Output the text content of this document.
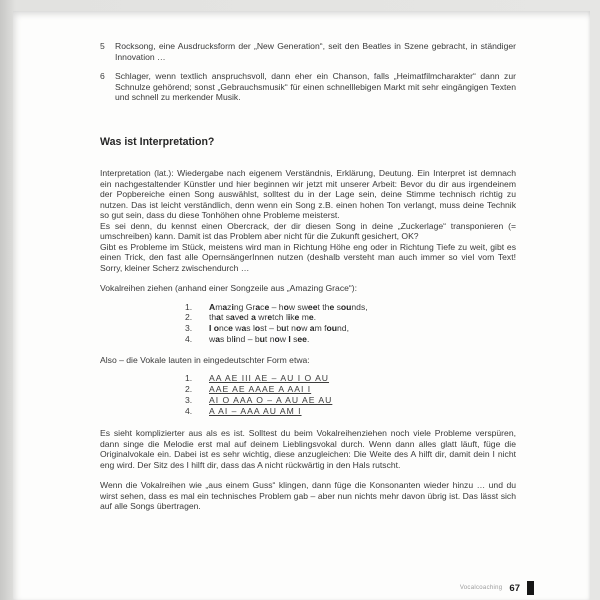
5	Rocksong, eine Ausdrucksform der „New Generation“, seit den Beatles in Szene gebracht, in ständiger Innovation …
6	Schlager, wenn textlich anspruchsvoll, dann eher ein Chanson, falls „Heimatfilmcharakter“ dann zur Schnulze gehörend; sonst „Gebrauchsmusik“ für einen schnelllebigen Markt mit sehr eingängigen Texten und schnell zu merkender Musik.
Was ist Interpretation?

Interpretation (lat.): Wiedergabe nach eigenem Verständnis, Erklärung, Deutung. Ein Interpret ist demnach ein nachgestaltender Künstler und hier beginnen wir jetzt mit unserer Arbeit: Bevor du dir aus irgendeinem der Popbereiche einen Song auswählst, solltest du in der Lage sein, deine Stimme technisch richtig zu nutzen. Das ist leicht verständlich, denn wenn ein Song z.B. einen hohen Ton verlangt, muss deine Technik so gut sein, dass du diese Tonhöhen ohne Probleme meisterst.

Es sei denn, du kennst einen Obercrack, der dir diesen Song in deine „Zuckerlage“ transponieren (= umschreiben) kann. Damit ist das Problem aber nicht für die Zukunft gesichert, OK?

Gibt es Probleme im Stück, meistens wird man in Richtung Höhe eng oder in Richtung Tiefe zu weit, gibt es einen Trick, den fast alle OpernsängerInnen nutzen (deshalb versteht man auch immer so viel vom Text! Sorry, kleiner Scherz zwischendurch …

Vokalreihen ziehen (anhand einer Songzeile aus „Amazing Grace“):

1.	Amazing Grace – how sweet the sounds,
2.	that saved a wretch like me.
3.	I once was lost – but now am found,
4.	was blind – but now I see.

Also – die Vokale lauten in eingedeutschter Form etwa:

1.	AA AE III AE – AU I O AU
2.	AAE AE AAAE A AAI I
3.	AI O AAA O – A AU AE AU
4.	A AI – AAA AU AM I

Es sieht komplizierter aus als es ist. Solltest du beim Vokalreihenziehen noch viele Probleme verspüren, dann singe die Melodie erst mal auf deinem Lieblingsvokal durch. Wenn dann alles glatt läuft, füge die Originalvokale ein. Dabei ist es sehr wichtig, diese anzugleichen: Die Weite des A hilft dir, damit dein I nicht eng wird. Der Sitz des I hilft dir, dass das A nicht rückwärtig in den Hals rutscht.

Wenn die Vokalreihen wie „aus einem Guss“ klingen, dann füge die Konsonanten wieder hinzu … und du wirst sehen, dass es mal ein technisches Problem gab – aber nun nichts mehr davon übrig ist. Das lässt sich auf alle Songs übertragen.

Vocalcoaching 67
